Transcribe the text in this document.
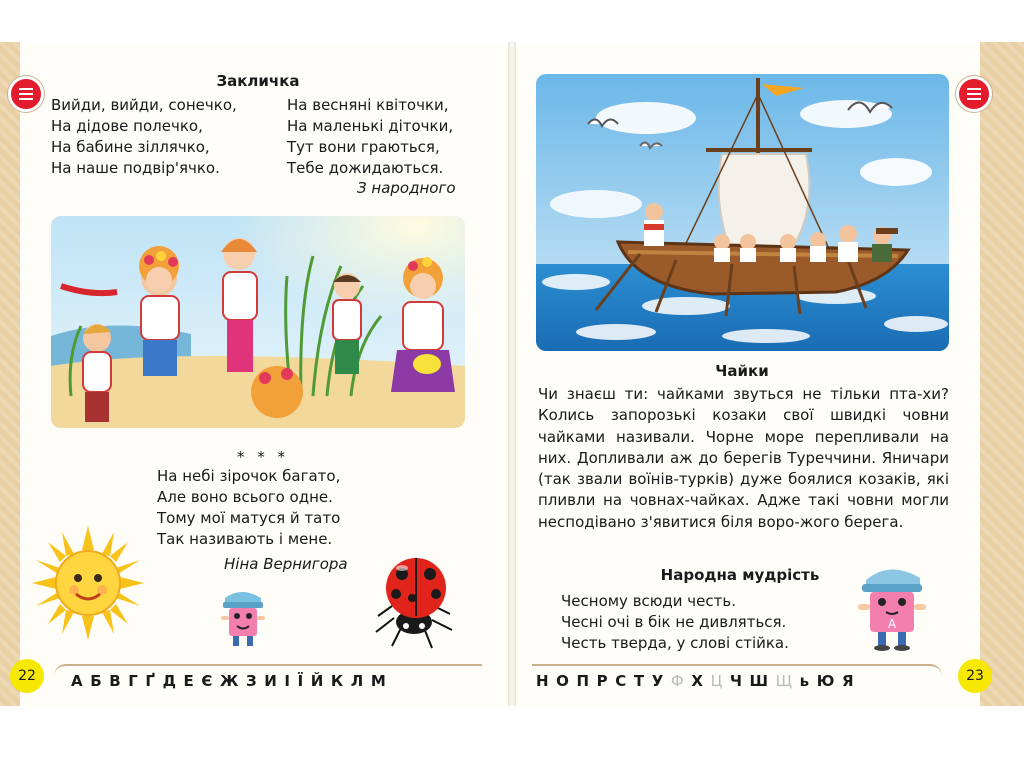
Закличка
Вийди, вийди, сонечко,
На дідове полечко,
На бабине зіллячко,
На наше подвір'ячко.
На весняні квіточки,
На маленькі діточки,
Тут вони граються,
Тебе дожидаються.
З народного
* * *
На небі зірочок багато,
Але воно всього одне.
Тому мої матуся й тато
Так називають і мене.
Ніна Вернигора
22	А Б В Г Ґ Д Е Є Ж З И І Ї Й К Л М
Чайки
Чи знаєш ти: чайками звуться не тільки пта-хи? Колись запорозькі козаки свої швидкі човни чайками називали. Чорне море перепливали на них. Допливали аж до берегів Туреччини. Яничари (так звали воїнів-турків) дуже боялися козаків, які пливли на човнах-чайках. Адже такі човни могли несподівано з'явитися біля воро-жого берега.
Народна мудрість
Чесному всюди честь.
Чесні очі в бік не дивляться.
Честь тверда, у слові стійка.
A
23
Н О П Р С Т У Ф Х Ц Ч Ш Щ ь Ю Я
